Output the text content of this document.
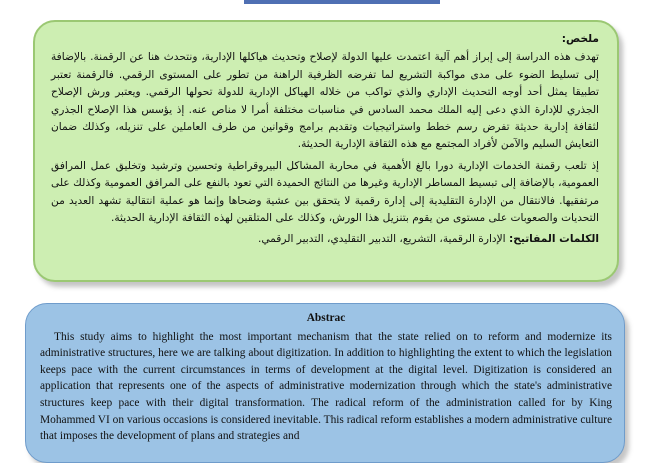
ملخص:

تهدف هذه الدراسة إلى إبراز أهم آلية اعتمدت عليها الدولة لإصلاح وتحديث هياكلها الإدارية، ونتحدث هنا عن الرقمنة. بالإضافة إلى تسليط الضوء على مدى مواكبة التشريع لما تفرضه الظرفية الراهنة من تطور على المستوى الرقمي. فالرقمنة تعتبر تطبيقا يمثل أحد أوجه التحديث الإداري والذي تواكب من خلاله الهياكل الإدارية للدولة تحولها الرقمي. ويعتبر ورش الإصلاح الجذري للإدارة الذي دعى إليه الملك محمد السادس في مناسبات مختلفة أمرا لا مناص عنه. إذ يؤسس هذا الإصلاح الجذري لثقافة إدارية حديثة تفرض رسم خطط واستراتيجيات وتقديم برامج وقوانين من طرف العاملين على تنزيله، وكذلك ضمان التعايش السليم والآمن لأفراد المجتمع مع هذه الثقافة الإدارية الحديثة.

إذ تلعب رقمنة الخدمات الإدارية دورا بالغ الأهمية في محاربة المشاكل البيروقراطية وتحسين وترشيد وتخليق عمل المرافق العمومية، بالإضافة إلى تبسيط المساطر الإدارية وغيرها من النتائج الحميدة التي تعود بالنفع على المرافق العمومية وكذلك على مرتفقيها. فالانتقال من الإدارة التقليدية إلى إدارة رقمية لا يتحقق بين عشية وضحاها وإنما هو عملية انتقالية تشهد العديد من التحديات والصعوبات على مستوى من يقوم بتنزيل هذا الورش، وكذلك على المتلقين لهذه الثقافة الإدارية الحديثة.

الكلمات المفاتيح: الإدارة الرقمية، التشريع، التدبير التقليدي، التدبير الرقمي.

Abstrac

This study aims to highlight the most important mechanism that the state relied on to reform and modernize its administrative structures, here we are talking about digitization. In addition to highlighting the extent to which the legislation keeps pace with the current circumstances in terms of development at the digital level. Digitization is considered an application that represents one of the aspects of administrative modernization through which the state's administrative structures keep pace with their digital transformation. The radical reform of the administration called for by King Mohammed VI on various occasions is considered inevitable. This radical reform establishes a modern administrative culture that imposes the development of plans and strategies and
